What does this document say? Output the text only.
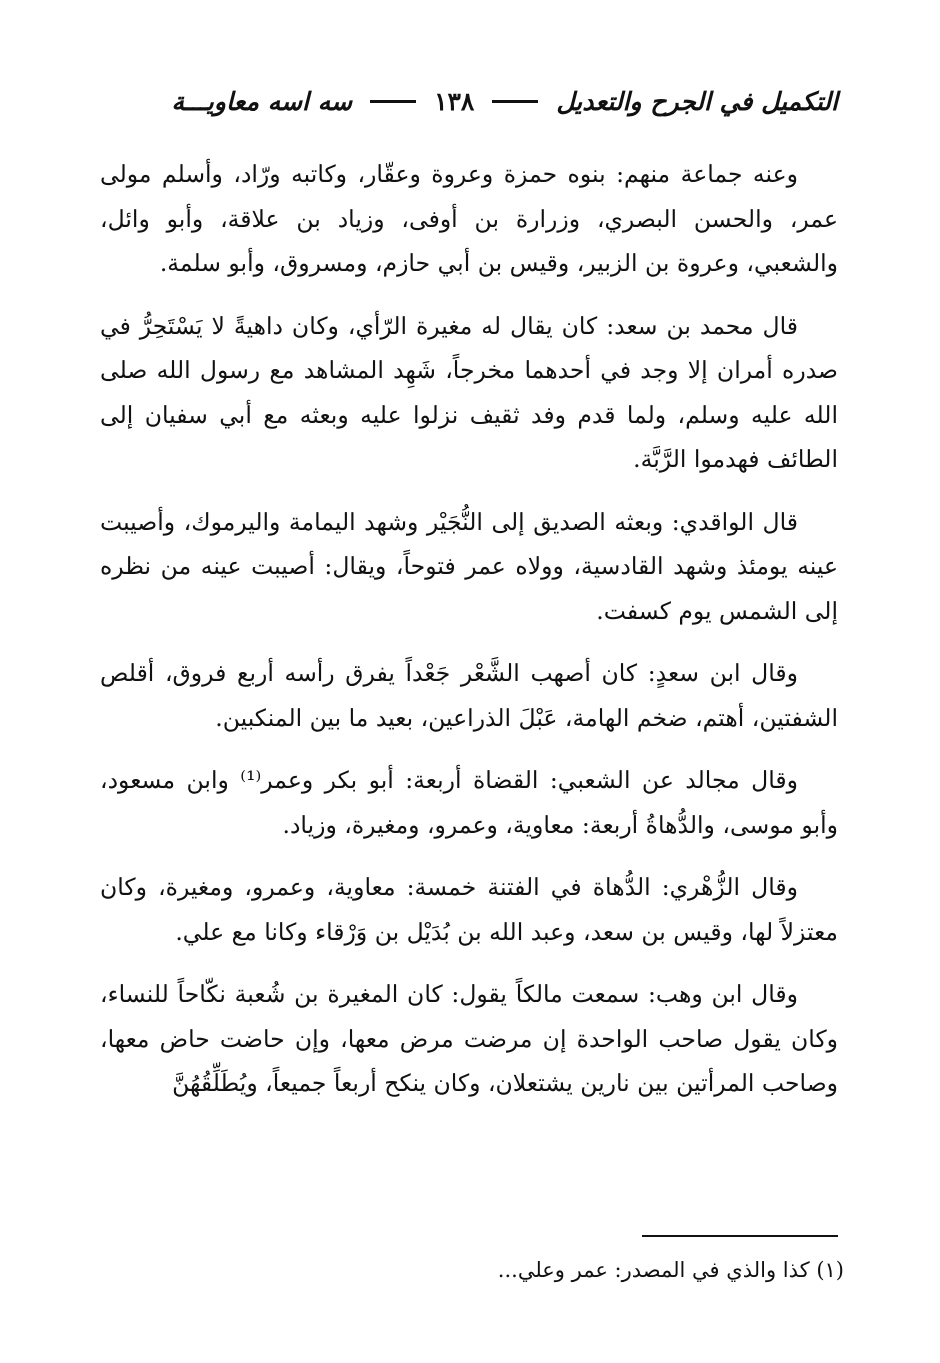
التكميل في الجرح والتعديل
١٣٨
سه اسه معاويـــة

وعنه جماعة منهم: بنوه حمزة وعروة وعقّار، وكاتبه ورّاد، وأسلم مولى عمر، والحسن البصري، وزرارة بن أوفى، وزياد بن علاقة، وأبو وائل، والشعبي، وعروة بن الزبير، وقيس بن أبي حازم، ومسروق، وأبو سلمة.

قال محمد بن سعد: كان يقال له مغيرة الرّأي، وكان داهيةً لا يَسْتَحِرُّ في صدره أمران إلا وجد في أحدهما مخرجاً، شَهِد المشاهد مع رسول الله صلى الله عليه وسلم، ولما قدم وفد ثقيف نزلوا عليه وبعثه مع أبي سفيان إلى الطائف فهدموا الرَّبَّة.

قال الواقدي: وبعثه الصديق إلى النُّجَيْر وشهد اليمامة واليرموك، وأصيبت عينه يومئذ وشهد القادسية، وولاه عمر فتوحاً، ويقال: أصيبت عينه من نظره إلى الشمس يوم كسفت.

وقال ابن سعدٍ: كان أصهب الشَّعْر جَعْداً يفرق رأسه أربع فروق، أقلص الشفتين، أهتم، ضخم الهامة، عَبْلَ الذراعين، بعيد ما بين المنكبين.

وقال مجالد عن الشعبي: القضاة أربعة: أبو بكر وعمر⁽¹⁾ وابن مسعود، وأبو موسى، والدُّهاةُ أربعة: معاوية، وعمرو، ومغيرة، وزياد.

وقال الزُّهْري: الدُّهاة في الفتنة خمسة: معاوية، وعمرو، ومغيرة، وكان معتزلاً لها، وقيس بن سعد، وعبد الله بن بُدَيْل بن وَرْقاء وكانا مع علي.

وقال ابن وهب: سمعت مالكاً يقول: كان المغيرة بن شُعبة نكّاحاً للنساء، وكان يقول صاحب الواحدة إن مرضت مرض معها، وإن حاضت حاض معها، وصاحب المرأتين بين نارين يشتعلان، وكان ينكح أربعاً جميعاً، ويُطَلِّقُهُنَّ

(١) كذا والذي في المصدر: عمر وعلي...
